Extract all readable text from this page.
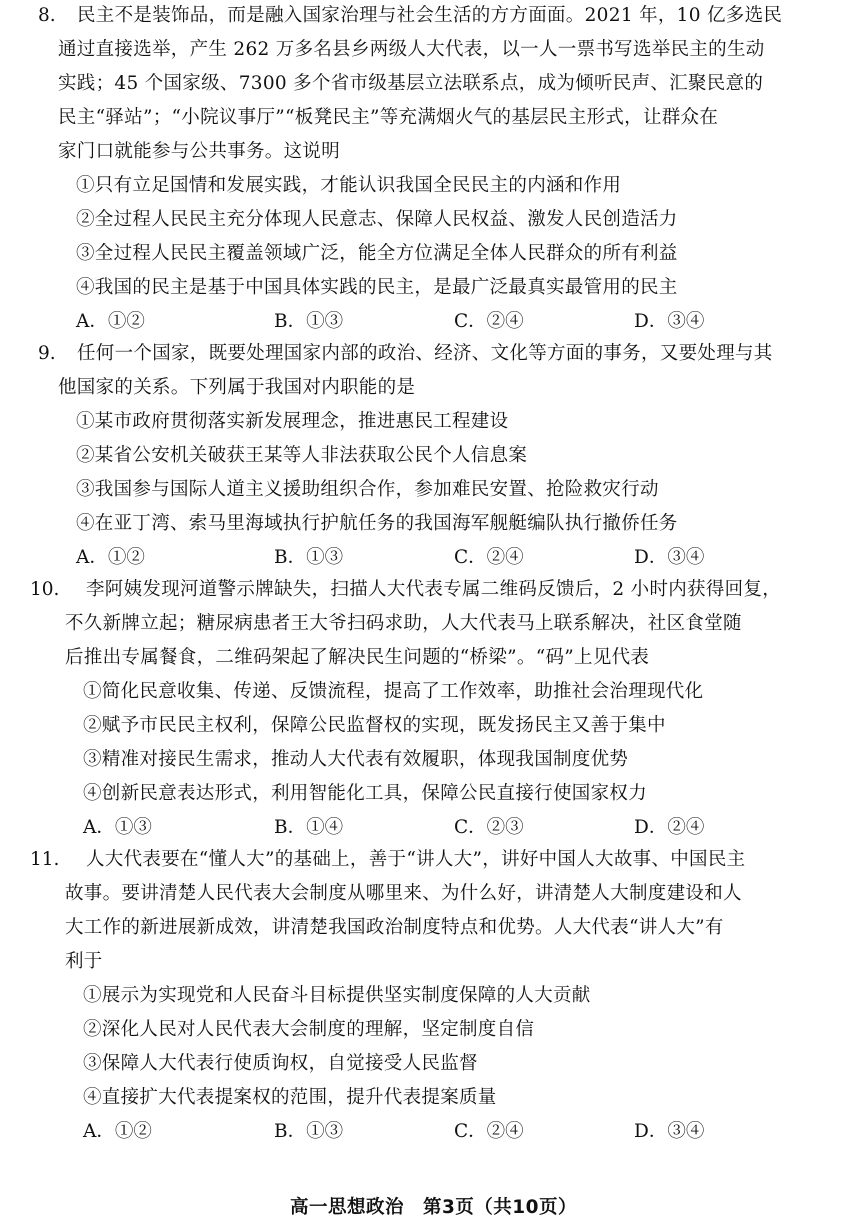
8. 民主不是装饰品，而是融入国家治理与社会生活的方方面面。2021 年，10 亿多选民
通过直接选举，产生 262 万多名县乡两级人大代表，以一人一票书写选举民主的生动
实践；45 个国家级、7300 多个省市级基层立法联系点，成为倾听民声、汇聚民意的
民主“驿站”；“小院议事厅”“板凳民主”等充满烟火气的基层民主形式，让群众在
家门口就能参与公共事务。这说明
①只有立足国情和发展实践，才能认识我国全民民主的内涵和作用
②全过程人民民主充分体现人民意志、保障人民权益、激发人民创造活力
③全过程人民民主覆盖领域广泛，能全方位满足全体人民群众的所有利益
④我国的民主是基于中国具体实践的民主，是最广泛最真实最管用的民主
A．①②	B．①③	C．②④	D．③④
9. 任何一个国家，既要处理国家内部的政治、经济、文化等方面的事务，又要处理与其
他国家的关系。下列属于我国对内职能的是
①某市政府贯彻落实新发展理念，推进惠民工程建设
②某省公安机关破获王某等人非法获取公民个人信息案
③我国参与国际人道主义援助组织合作，参加难民安置、抢险救灾行动
④在亚丁湾、索马里海域执行护航任务的我国海军舰艇编队执行撤侨任务
A．①②	B．①③	C．②④	D．③④
10. 李阿姨发现河道警示牌缺失，扫描人大代表专属二维码反馈后，2 小时内获得回复，
不久新牌立起；糖尿病患者王大爷扫码求助，人大代表马上联系解决，社区食堂随
后推出专属餐食，二维码架起了解决民生问题的“桥梁”。“码”上见代表
①简化民意收集、传递、反馈流程，提高了工作效率，助推社会治理现代化
②赋予市民民主权利，保障公民监督权的实现，既发扬民主又善于集中
③精准对接民生需求，推动人大代表有效履职，体现我国制度优势
④创新民意表达形式，利用智能化工具，保障公民直接行使国家权力
A．①③	B．①④	C．②③	D．②④
11. 人大代表要在“懂人大”的基础上，善于“讲人大”，讲好中国人大故事、中国民主
故事。要讲清楚人民代表大会制度从哪里来、为什么好，讲清楚人大制度建设和人
大工作的新进展新成效，讲清楚我国政治制度特点和优势。人大代表“讲人大”有
利于
①展示为实现党和人民奋斗目标提供坚实制度保障的人大贡献
②深化人民对人民代表大会制度的理解，坚定制度自信
③保障人大代表行使质询权，自觉接受人民监督
④直接扩大代表提案权的范围，提升代表提案质量
A．①②	B．①③	C．②④	D．③④
高一思想政治　第3页（共10页）
